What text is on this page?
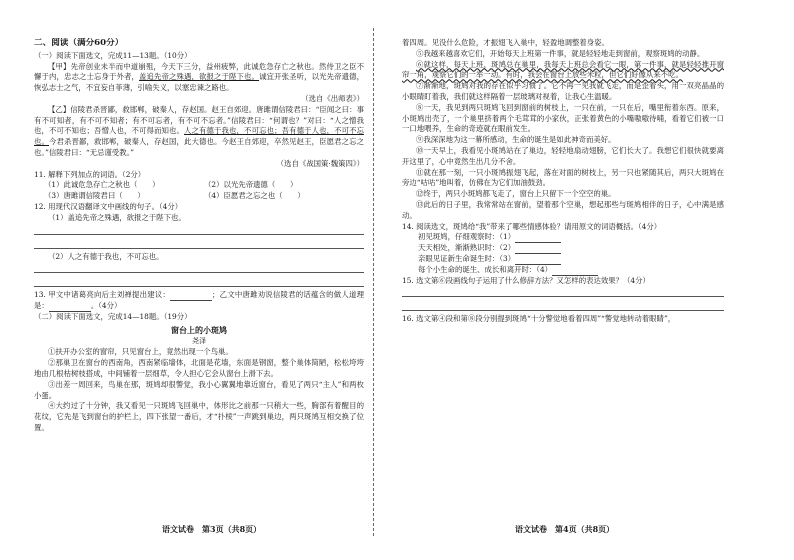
二、阅读（满分60分）

（一）阅读下面选文，完成11—13题。（10分）

【甲】先帝创业未半而中道崩殂，今天下三分，益州疲弊，此诚危急存亡之秋也。然侍卫之臣不懈于内，忠志之士忘身于外者，盖追先帝之殊遇，欲报之于陛下也。诚宜开张圣听，以光先帝遗德，恢弘志士之气，不宜妄自菲薄，引喻失义，以塞忠谏之路也。

（选自《出师表》）

【乙】信陵君杀晋鄙，救邯郸，破秦人，存赵国。赵王自郊迎。唐雎谓信陵君曰：“臣闻之曰：事有不可知者，有不可不知者；有不可忘者，有不可不忘者。”信陵君曰：“何谓也？”对曰：“人之憎我也，不可不知也；吾憎人也，不可得而知也。人之有德于我也，不可忘也；吾有德于人也，不可不忘也。今君杀晋鄙，救邯郸，破秦人，存赵国，此大德也。今赵王自郊迎，卒然见赵王，臣愿君之忘之也。”信陵君曰：“无忌谨受教。”

（选自《战国策·魏策四》）

11. 解释下列加点的词语。（2分）

（1）此诚危急存亡之秋也（　　）	（2）以光先帝遗德（　　）
（3）唐雎谓信陵君曰（　　）	（4）臣愿君之忘之也（　　）

12. 用现代汉语翻译文中画线的句子。（4分）

（1）盖追先帝之殊遇，欲报之于陛下也。

（2）人之有德于我也，不可忘也。

13. 甲文中诸葛亮向后主刘禅提出建议：	；乙文中唐雎劝说信陵君的话蕴含的做人道理是：	。（4分）

（二）阅读下面选文，完成14—18题。（19分）

窗台上的小斑鸠
尧泽

①扶开办公室的窗帘，只见窗台上，竟然出现一个鸟巢。

②那巢卫在窗台的西南角，西南紧临墙体，北面是花墙，东面是钢窗，整个巢体简陋，松松垮垮地由几根枯树枝搭成，中间铺着一层细草，令人担心它会从窗台上滑下去。

③出差一周回来，鸟巢在那，斑鸠却很警觉，我小心翼翼地靠近窗台，看见了两只“主人”和两枚小蛋。

④大约过了十分钟，我又看见一只斑鸠飞回巢中，体形比之前那一只稍大一些，胸部有着醒目的花纹，它先是飞到窗台的护栏上，四下张望一番后，才“扑棱”一声跳到巢边，两只斑鸠互相交换了位置。

着四周。见没什么危险，才振翅飞入巢中，轻盈地调整着身姿。

⑤我越来越喜欢它们，开始每天上班第一件事，就是轻轻地走到窗前，观察斑鸠的动静。

⑥就这样，每天上班，斑鸠总在巢里，我每天上班总会看它一眼，第一件事，就是轻轻推开窗帘一角，观察它们的一举一动。有时，我会在窗台上放些米粒，但它们好像从来不吃。

⑦渐渐地，斑鸠对我的存在似乎习惯了。它不再一见我就飞走，而是歪着头，用一双亮晶晶的小眼睛盯着我，我们就这样隔着一层玻璃对视着，让我心生温暖。

⑧一天，我见到两只斑鸠飞回到窗前的树枝上，一只在前，一只在后，嘴里衔着东西。原来，小斑鸠出壳了，一个巢里挤着两个毛茸茸的小家伙，正张着黄色的小嘴嗷嗷待哺，看着它们被一口一口地喂养，生命的奇迹就在眼前发生。

⑨我深深地为这一幕所感动，生命的诞生是如此神奇而美好。

⑩一天早上，我看见小斑鸠站在了巢边，轻轻地扇动翅膀，它们长大了。我想它们很快就要离开这里了，心中竟然生出几分不舍。

⑪就在那一刻，一只小斑鸠振翅飞起，落在对面的树枝上，另一只也紧随其后，两只大斑鸠在旁边“咕咕”地叫着，仿佛在为它们加油鼓劲。

⑫终于，两只小斑鸠都飞走了，窗台上只留下一个空空的巢。

⑬此后的日子里，我常常站在窗前，望着那个空巢，想起那些与斑鸠相伴的日子，心中满是感动。

14. 阅读选文，斑鸠给“我”带来了哪些情感体验？请用原文的词语概括。（4分）

初见斑鸠，仔细观察时：（1）
天天相处，渐渐熟识时：（2）
亲眼见证新生命诞生时：（3）
每个小生命的诞生、成长和离开时：（4）

15. 选文第⑥段画线句子运用了什么修辞方法？又怎样的表达效果？（4分）

16. 选文第④段和第⑧段分别提到斑鸠“十分警觉地看着四周”“警觉地转动着眼睛”，

语文试卷　第3页（共8页）	语文试卷　第4页（共8页）
